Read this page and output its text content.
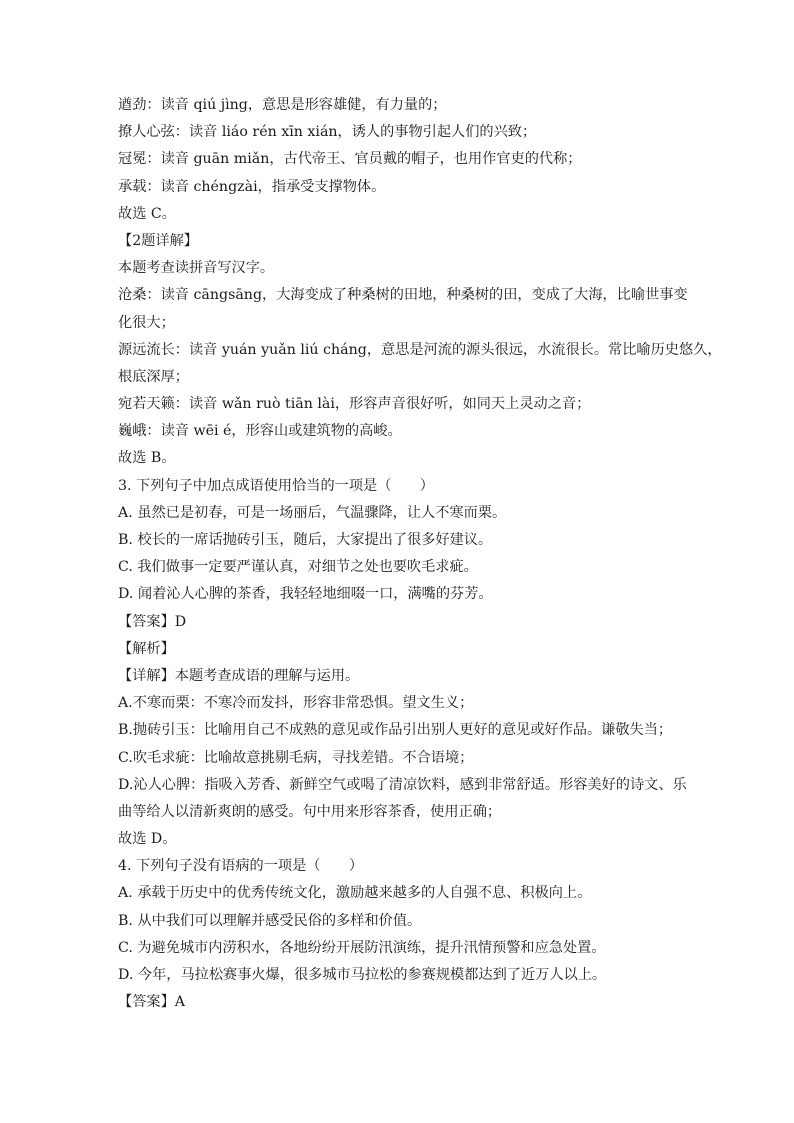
遒劲：读音 qiú jìng，意思是形容雄健，有力量的；
撩人心弦：读音 liáo rén xīn xián，诱人的事物引起人们的兴致；
冠冕：读音 guān miǎn，古代帝王、官员戴的帽子，也用作官吏的代称；
承载：读音 chéngzài，指承受支撑物体。
故选 C。
【2题详解】
本题考查读拼音写汉字。
沧桑：读音 cāngsāng，大海变成了种桑树的田地，种桑树的田，变成了大海，比喻世事变
化很大；
源远流长：读音 yuán yuǎn liú cháng，意思是河流的源头很远，水流很长。常比喻历史悠久，
根底深厚；
宛若天籁：读音 wǎn ruò tiān lài，形容声音很好听，如同天上灵动之音；
巍峨：读音 wēi é，形容山或建筑物的高峻。
故选 B。
3. 下列句子中加点成语使用恰当的一项是（　　）
A. 虽然已是初春，可是一场丽后，气温骤降，让人不寒而栗。
B. 校长的一席话抛砖引玉，随后，大家提出了很多好建议。
C. 我们做事一定要严谨认真，对细节之处也要吹毛求疵。
D. 闻着沁人心脾的茶香，我轻轻地细啜一口，满嘴的芬芳。
【答案】D
【解析】
【详解】本题考查成语的理解与运用。
A.不寒而栗：不寒冷而发抖，形容非常恐惧。望文生义；
B.抛砖引玉：比喻用自己不成熟的意见或作品引出别人更好的意见或好作品。谦敬失当；
C.吹毛求疵：比喻故意挑剔毛病，寻找差错。不合语境；
D.沁人心脾：指吸入芳香、新鲜空气或喝了清凉饮料，感到非常舒适。形容美好的诗文、乐
曲等给人以清新爽朗的感受。句中用来形容茶香，使用正确；
故选 D。
4. 下列句子没有语病的一项是（　　）
A. 承载于历史中的优秀传统文化，激励越来越多的人自强不息、积极向上。
B. 从中我们可以理解并感受民俗的多样和价值。
C. 为避免城市内涝积水，各地纷纷开展防汛演练，提升汛情预警和应急处置。
D. 今年，马拉松赛事火爆，很多城市马拉松的参赛规模都达到了近万人以上。
【答案】A
